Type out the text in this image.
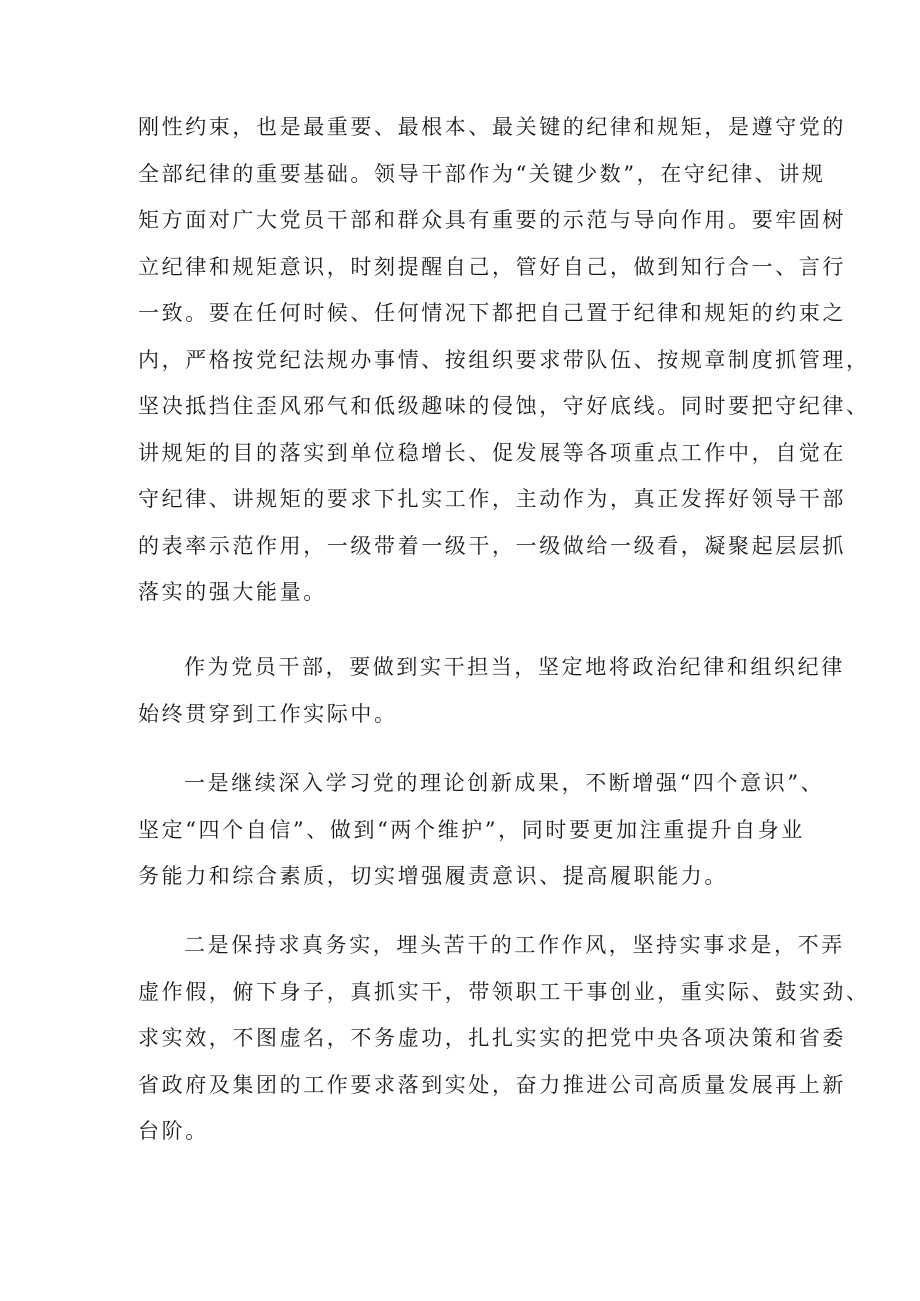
刚性约束，也是最重要、最根本、最关键的纪律和规矩，是遵守党的
全部纪律的重要基础。领导干部作为“关键少数”，在守纪律、讲规
矩方面对广大党员干部和群众具有重要的示范与导向作用。要牢固树
立纪律和规矩意识，时刻提醒自己，管好自己，做到知行合一、言行
一致。要在任何时候、任何情况下都把自己置于纪律和规矩的约束之
内，严格按党纪法规办事情、按组织要求带队伍、按规章制度抓管理，
坚决抵挡住歪风邪气和低级趣味的侵蚀，守好底线。同时要把守纪律、
讲规矩的目的落实到单位稳增长、促发展等各项重点工作中，自觉在
守纪律、讲规矩的要求下扎实工作，主动作为，真正发挥好领导干部
的表率示范作用，一级带着一级干，一级做给一级看，凝聚起层层抓
落实的强大能量。
作为党员干部，要做到实干担当，坚定地将政治纪律和组织纪律
始终贯穿到工作实际中。
一是继续深入学习党的理论创新成果，不断增强“四个意识”、
坚定“四个自信”、做到“两个维护”，同时要更加注重提升自身业
务能力和综合素质，切实增强履责意识、提高履职能力。
二是保持求真务实，埋头苦干的工作作风，坚持实事求是，不弄
虚作假，俯下身子，真抓实干，带领职工干事创业，重实际、鼓实劲、
求实效，不图虚名，不务虚功，扎扎实实的把党中央各项决策和省委
省政府及集团的工作要求落到实处，奋力推进公司高质量发展再上新
台阶。
